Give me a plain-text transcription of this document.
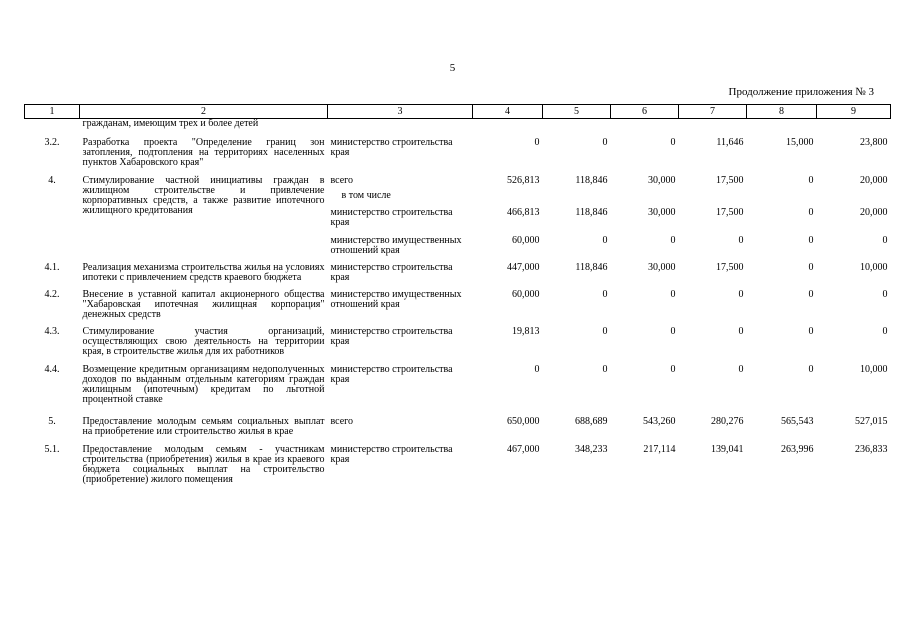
5
Продолжение приложения № 3
1	2	3	4	5	6	7	8	9
	гражданам, имеющим трех и более детей							

3.2.	Разработка проекта "Определение границ зон затопления, подтопления на территориях населенных пунктов Хабаровского края"	министерство строительства края	0	0	0	11,646	15,000	23,800

4.	Стимулирование частной инициативы граждан в жилищном строительстве и привлечение корпоративных средств, а также развитие ипотечного жилищного кредитования	всего	526,813	118,846	30,000	17,500	0	20,000
		в том числе						
		министерство строительства края	466,813	118,846	30,000	17,500	0	20,000
		министерство имущественных отношений края	60,000	0	0	0	0	0

4.1.	Реализация механизма строительства жилья на условиях ипотеки с привлечением средств краевого бюджета	министерство строительства края	447,000	118,846	30,000	17,500	0	10,000

4.2.	Внесение в уставной капитал акционерного общества "Хабаровская ипотечная жилищная корпорация" денежных средств	министерство имущественных отношений края	60,000	0	0	0	0	0

4.3.	Стимулирование участия организаций, осуществляющих свою деятельность на территории края, в строительстве жилья для их работников	министерство строительства края	19,813	0	0	0	0	0

4.4.	Возмещение кредитным организациям недополученных доходов по выданным отдельным категориям граждан жилищным (ипотечным) кредитам по льготной процентной ставке	министерство строительства края	0	0	0	0	0	10,000

5.	Предоставление молодым семьям социальных выплат на приобретение или строительство жилья в крае	всего	650,000	688,689	543,260	280,276	565,543	527,015

5.1.	Предоставление молодым семьям - участникам строительства (приобретения) жилья в крае из краевого бюджета социальных выплат на строительство (приобретение) жилого помещения	министерство строительства края	467,000	348,233	217,114	139,041	263,996	236,833
